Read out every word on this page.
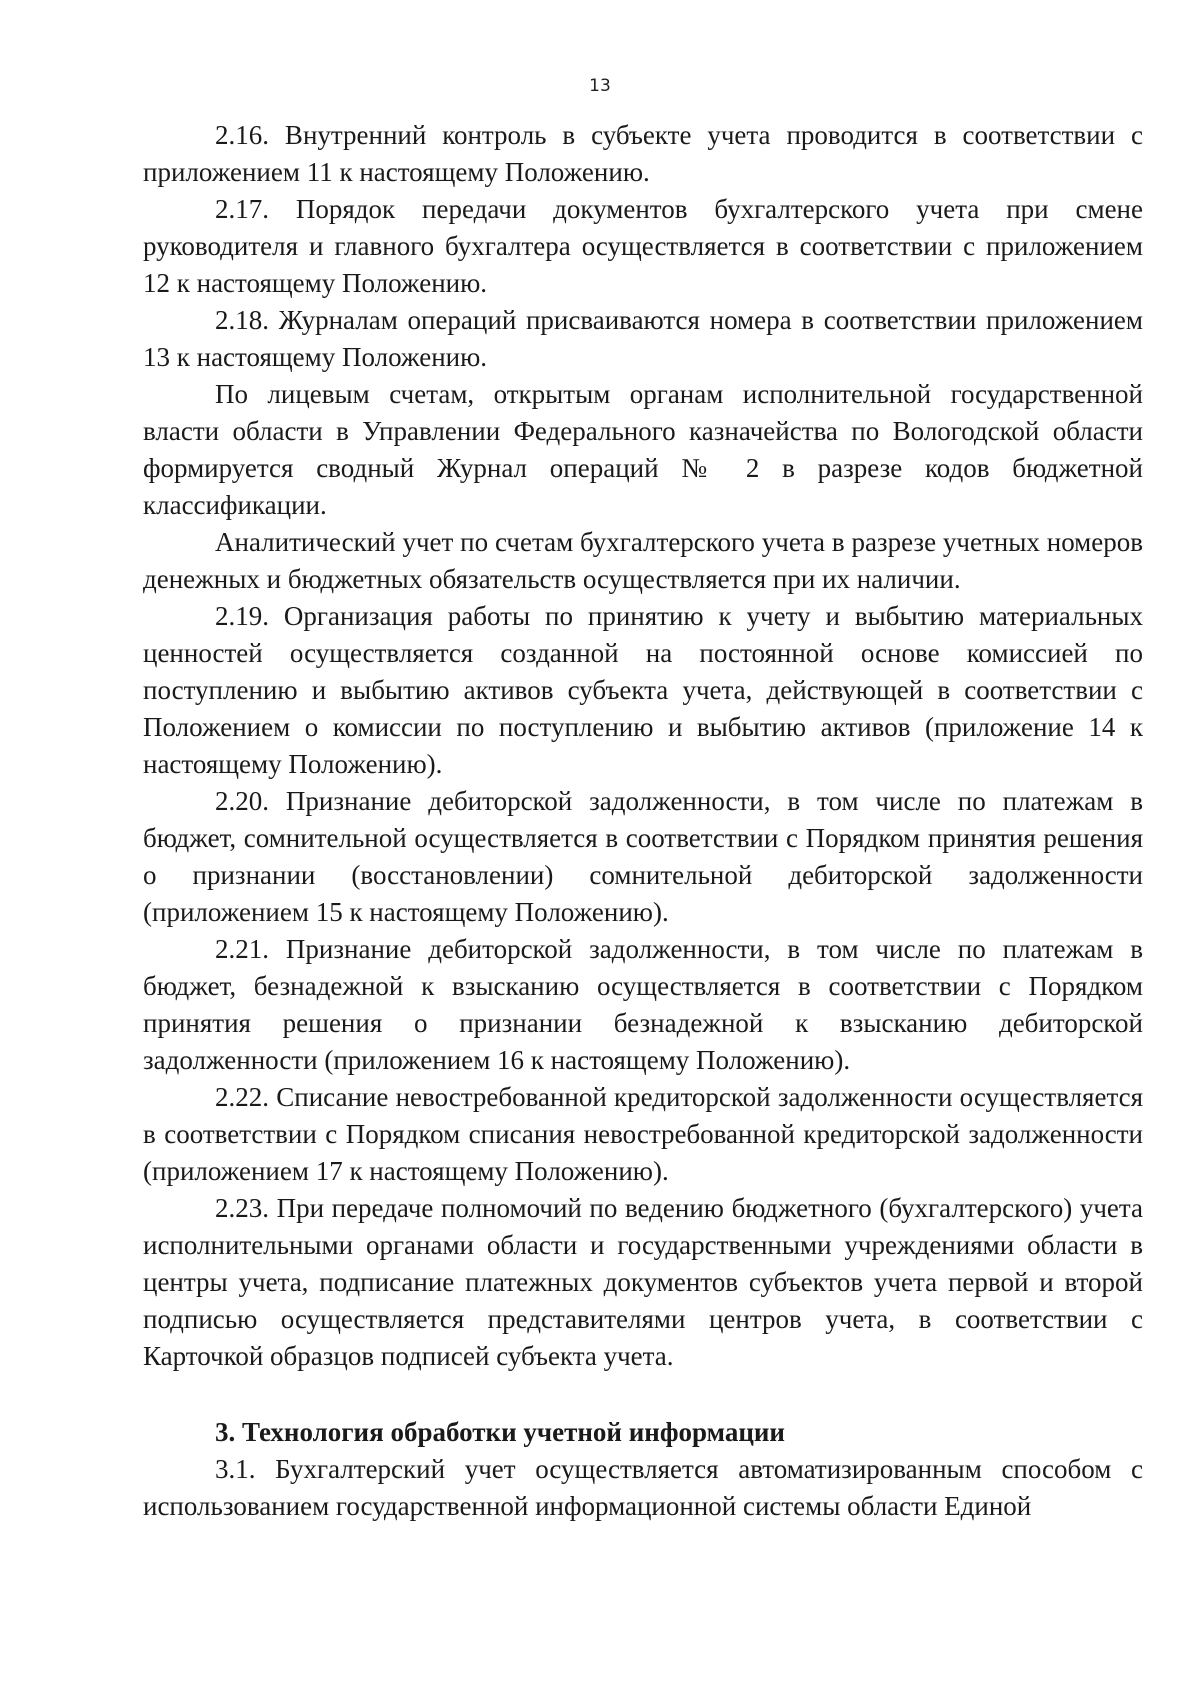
13

2.16. Внутренний контроль в субъекте учета проводится в соответствии с приложением 11 к настоящему Положению.

2.17. Порядок передачи документов бухгалтерского учета при смене руководителя и главного бухгалтера осуществляется в соответствии с приложением 12 к настоящему Положению.

2.18. Журналам операций присваиваются номера в соответствии приложением 13 к настоящему Положению.

По лицевым счетам, открытым органам исполнительной государственной власти области в Управлении Федерального казначейства по Вологодской области формируется сводный Журнал операций № 2 в разрезе кодов бюджетной классификации.

Аналитический учет по счетам бухгалтерского учета в разрезе учетных номеров денежных и бюджетных обязательств осуществляется при их наличии.

2.19. Организация работы по принятию к учету и выбытию материальных ценностей осуществляется созданной на постоянной основе комиссией по поступлению и выбытию активов субъекта учета, действующей в соответствии с Положением о комиссии по поступлению и выбытию активов (приложение 14 к настоящему Положению).

2.20. Признание дебиторской задолженности, в том числе по платежам в бюджет, сомнительной осуществляется в соответствии с Порядком принятия решения о признании (восстановлении) сомнительной дебиторской задолженности (приложением 15 к настоящему Положению).

2.21. Признание дебиторской задолженности, в том числе по платежам в бюджет, безнадежной к взысканию осуществляется в соответствии с Порядком принятия решения о признании безнадежной к взысканию дебиторской задолженности (приложением 16 к настоящему Положению).

2.22. Списание невостребованной кредиторской задолженности осуществляется в соответствии с Порядком списания невостребованной кредиторской задолженности (приложением 17 к настоящему Положению).

2.23. При передаче полномочий по ведению бюджетного (бухгалтерского) учета исполнительными органами области и государственными учреждениями области в центры учета, подписание платежных документов субъектов учета первой и второй подписью осуществляется представителями центров учета, в соответствии с Карточкой образцов подписей субъекта учета.

3. Технология обработки учетной информации

3.1. Бухгалтерский учет осуществляется автоматизированным способом с использованием государственной информационной системы области Единой
